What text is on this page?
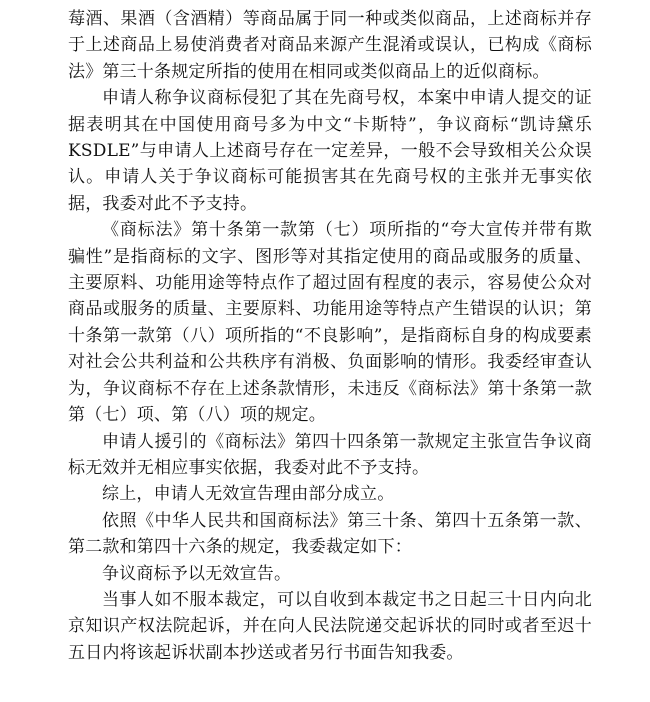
莓酒、果酒（含酒精）等商品属于同一种或类似商品，上述商标并存于上述商品上易使消费者对商品来源产生混淆或误认，已构成《商标法》第三十条规定所指的使用在相同或类似商品上的近似商标。

申请人称争议商标侵犯了其在先商号权，本案中申请人提交的证据表明其在中国使用商号多为中文“卡斯特”，争议商标“凯诗黛乐KSDLE”与申请人上述商号存在一定差异，一般不会导致相关公众误认。申请人关于争议商标可能损害其在先商号权的主张并无事实依据，我委对此不予支持。

《商标法》第十条第一款第（七）项所指的“夸大宣传并带有欺骗性”是指商标的文字、图形等对其指定使用的商品或服务的质量、主要原料、功能用途等特点作了超过固有程度的表示，容易使公众对商品或服务的质量、主要原料、功能用途等特点产生错误的认识；第十条第一款第（八）项所指的“不良影响”，是指商标自身的构成要素对社会公共利益和公共秩序有消极、负面影响的情形。我委经审查认为，争议商标不存在上述条款情形，未违反《商标法》第十条第一款第（七）项、第（八）项的规定。

申请人援引的《商标法》第四十四条第一款规定主张宣告争议商标无效并无相应事实依据，我委对此不予支持。

综上，申请人无效宣告理由部分成立。

依照《中华人民共和国商标法》第三十条、第四十五条第一款、第二款和第四十六条的规定，我委裁定如下：

争议商标予以无效宣告。

当事人如不服本裁定，可以自收到本裁定书之日起三十日内向北京知识产权法院起诉，并在向人民法院递交起诉状的同时或者至迟十五日内将该起诉状副本抄送或者另行书面告知我委。
